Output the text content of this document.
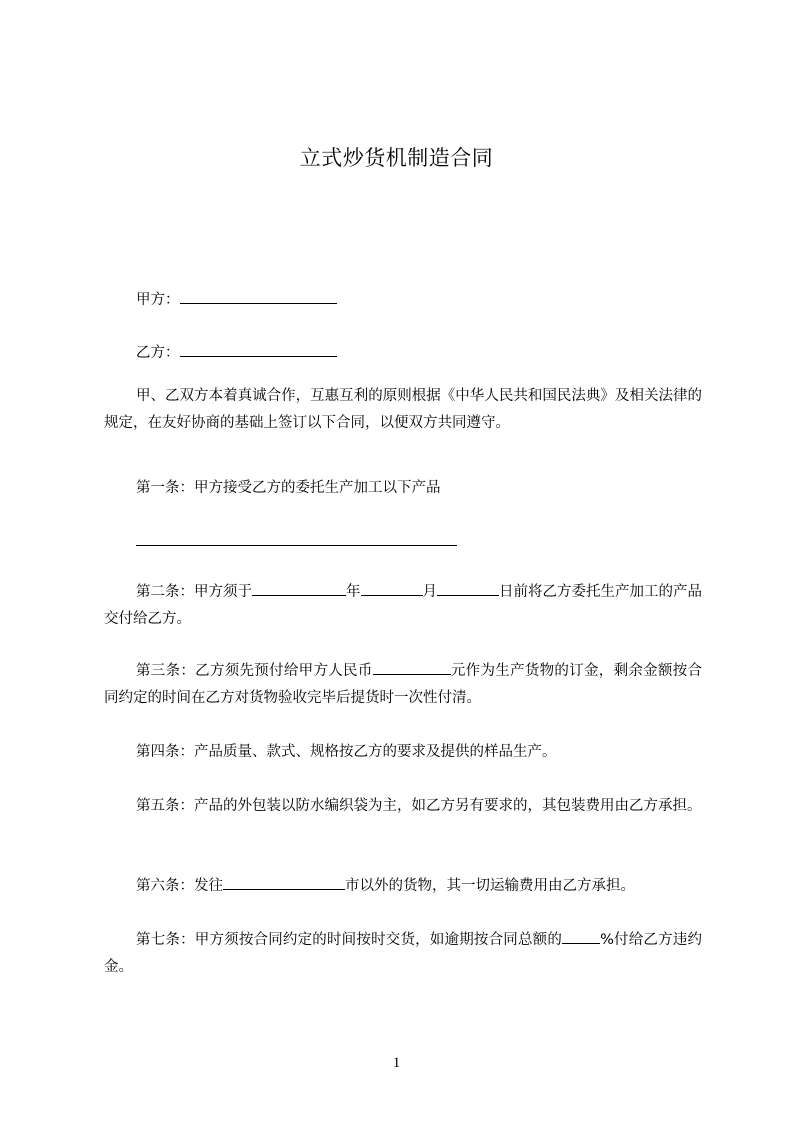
立式炒货机制造合同
甲方：
乙方：

甲、乙双方本着真诚合作，互惠互利的原则根据《中华人民共和国民法典》及相关法律的规定，在友好协商的基础上签订以下合同，以便双方共同遵守。

第一条：甲方接受乙方的委托生产加工以下产品

第二条：甲方须于	年	月	日前将乙方委托生产加工的产品交付给乙方。

第三条：乙方须先预付给甲方人民币	元作为生产货物的订金，剩余金额按合同约定的时间在乙方对货物验收完毕后提货时一次性付清。

第四条：产品质量、款式、规格按乙方的要求及提供的样品生产。

第五条：产品的外包装以防水编织袋为主，如乙方另有要求的，其包装费用由乙方承担。

第六条：发往	市以外的货物，其一切运输费用由乙方承担。

第七条：甲方须按合同约定的时间按时交货，如逾期按合同总额的	%付给乙方违约金。

1
